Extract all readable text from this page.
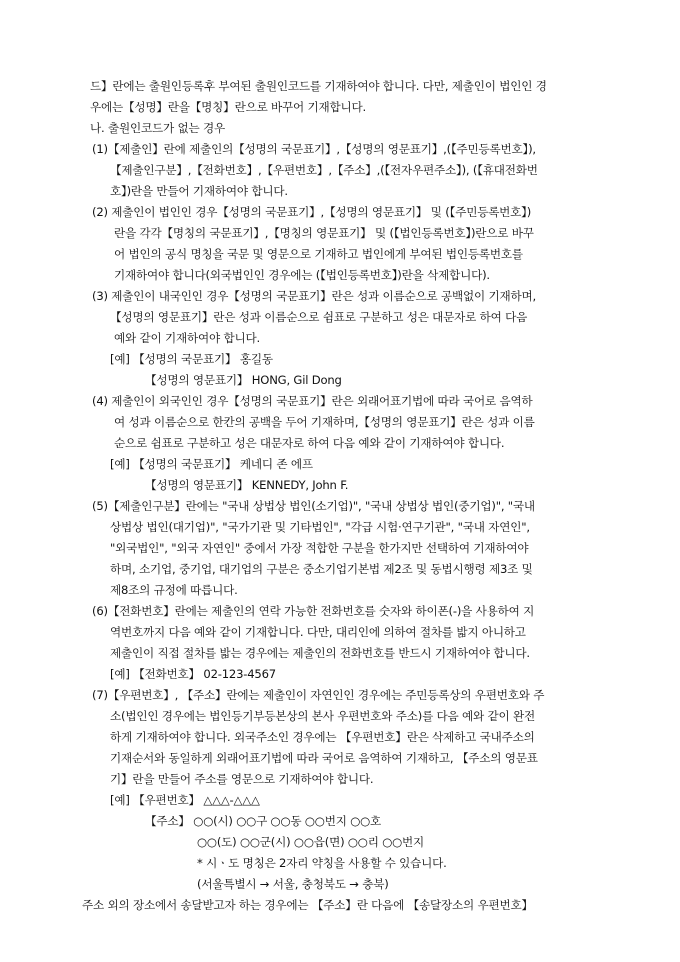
드】란에는 출원인등록후 부여된 출원인코드를 기재하여야 합니다. 다만, 제출인이 법인인 경
우에는【성명】란을【명칭】란으로 바꾸어 기재합니다.
나. 출원인코드가 없는 경우
(1)【제출인】란에 제출인의【성명의 국문표기】,【성명의 영문표기】,(【주민등록번호】),
【제출인구분】,【전화번호】,【우편번호】,【주소】,(【전자우편주소】), (【휴대전화번
호】)란을 만들어 기재하여야 합니다.
(2) 제출인이 법인인 경우【성명의 국문표기】,【성명의 영문표기】 및 (【주민등록번호】)
란을 각각【명칭의 국문표기】,【명칭의 영문표기】 및 (【법인등록번호】)란으로 바꾸
어 법인의 공식 명칭을 국문 및 영문으로 기재하고 법인에게 부여된 법인등록번호를
기재하여야 합니다(외국법인인 경우에는 (【법인등록번호】)란을 삭제합니다).
(3) 제출인이 내국인인 경우【성명의 국문표기】란은 성과 이름순으로 공백없이 기재하며,
【성명의 영문표기】란은 성과 이름순으로 쉼표로 구분하고 성은 대문자로 하여 다음
예와 같이 기재하여야 합니다.
[예] 【성명의 국문표기】 홍길동
【성명의 영문표기】 HONG, Gil Dong
(4) 제출인이 외국인인 경우【성명의 국문표기】란은 외래어표기법에 따라 국어로 음역하
여 성과 이름순으로 한칸의 공백을 두어 기재하며,【성명의 영문표기】란은 성과 이름
순으로 쉼표로 구분하고 성은 대문자로 하여 다음 예와 같이 기재하여야 합니다.
[예] 【성명의 국문표기】 케네디 존 에프
【성명의 영문표기】 KENNEDY, John F.
(5)【제출인구분】란에는 "국내 상법상 법인(소기업)", "국내 상법상 법인(중기업)", "국내
상법상 법인(대기업)", "국가기관 및 기타법인", "각급 시험·연구기관", "국내 자연인",
"외국법인", "외국 자연인" 중에서 가장 적합한 구분을 한가지만 선택하여 기재하여야
하며, 소기업, 중기업, 대기업의 구분은 중소기업기본법 제2조 및 동법시행령 제3조 및
제8조의 규정에 따릅니다.
(6)【전화번호】란에는 제출인의 연락 가능한 전화번호를 숫자와 하이폰(-)을 사용하여 지
역번호까지 다음 예와 같이 기재합니다. 다만, 대리인에 의하여 절차를 밟지 아니하고
제출인이 직접 절차를 밟는 경우에는 제출인의 전화번호를 반드시 기재하여야 합니다.
[예] 【전화번호】 02-123-4567
(7)【우편번호】, 【주소】란에는 제출인이 자연인인 경우에는 주민등록상의 우편번호와 주
소(법인인 경우에는 법인등기부등본상의 본사 우편번호와 주소)를 다음 예와 같이 완전
하게 기재하여야 합니다. 외국주소인 경우에는 【우편번호】란은 삭제하고 국내주소의
기재순서와 동일하게 외래어표기법에 따라 국어로 음역하여 기재하고, 【주소의 영문표
기】란을 만들어 주소를 영문으로 기재하여야 합니다.
[예] 【우편번호】 △△△-△△△
【주소】 ○○(시) ○○구 ○○동 ○○번지 ○○호
○○(도) ○○군(시) ○○읍(면) ○○리 ○○번지
* 시ㆍ도 명칭은 2자리 약칭을 사용할 수 있습니다.
(서울특별시 → 서울, 충청북도 → 충북)
주소 외의 장소에서 송달받고자 하는 경우에는 【주소】란 다음에 【송달장소의 우편번호】
